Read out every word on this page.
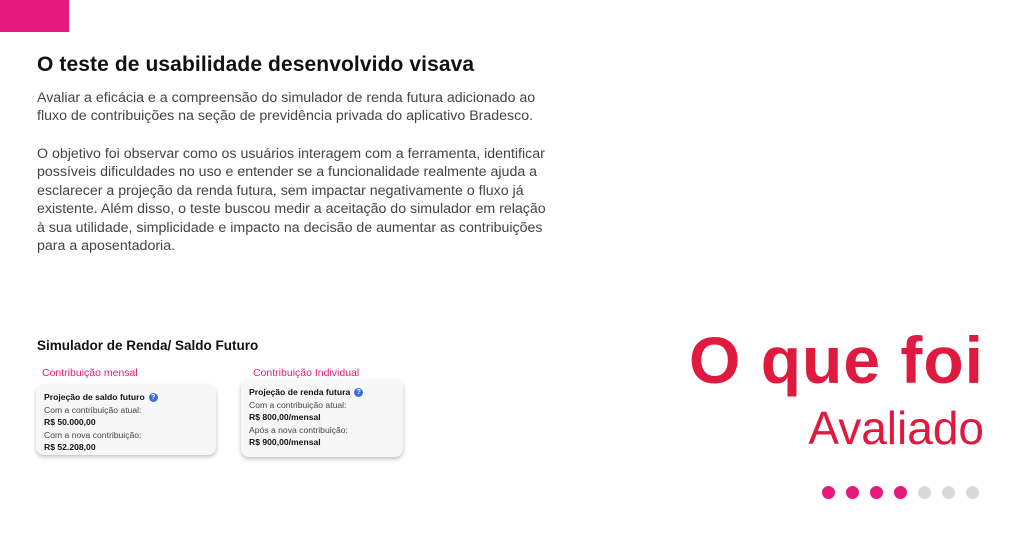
O teste de usabilidade desenvolvido visava

Avaliar a eficácia e a compreensão do simulador de renda futura adicionado ao fluxo de contribuições na seção de previdência privada do aplicativo Bradesco.

O objetivo foi observar como os usuários interagem com a ferramenta, identificar possíveis dificuldades no uso e entender se a funcionalidade realmente ajuda a esclarecer a projeção da renda futura, sem impactar negativamente o fluxo já existente. Além disso, o teste buscou medir a aceitação do simulador em relação à sua utilidade, simplicidade e impacto na decisão de aumentar as contribuições para a aposentadoria.

Simulador de Renda/ Saldo Futuro
Contribuição mensal	Contribuição Individual
Projeção de saldo futuro ?
Com a contribuição atual:
R$ 50.000,00
Com a nova contribuição:
R$ 52.208,00
Projeção de renda futura ?
Com a contribuição atual:
R$ 800,00/mensal
Após a nova contribuição:
R$ 900,00/mensal
O que foi
Avaliado
